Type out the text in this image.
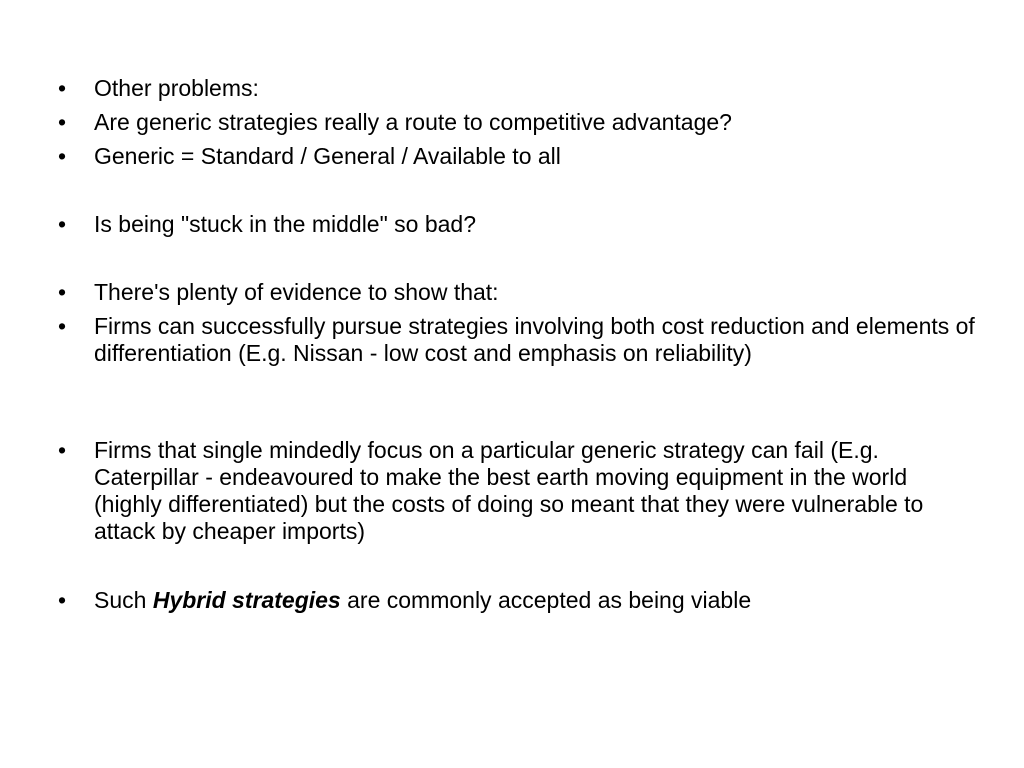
•	Other problems:
•	Are generic strategies really a route to competitive advantage?
•	Generic = Standard / General / Available to all
•	Is being "stuck in the middle" so bad?
•	There's plenty of evidence to show that:
•	Firms can successfully pursue strategies involving both cost reduction and elements of differentiation (E.g. Nissan - low cost and emphasis on reliability)
•	Firms that single mindedly focus on a particular generic strategy can fail (E.g. Caterpillar - endeavoured to make the best earth moving equipment in the world (highly differentiated) but the costs of doing so meant that they were vulnerable to attack by cheaper imports)
•	Such Hybrid strategies are commonly accepted as being viable
